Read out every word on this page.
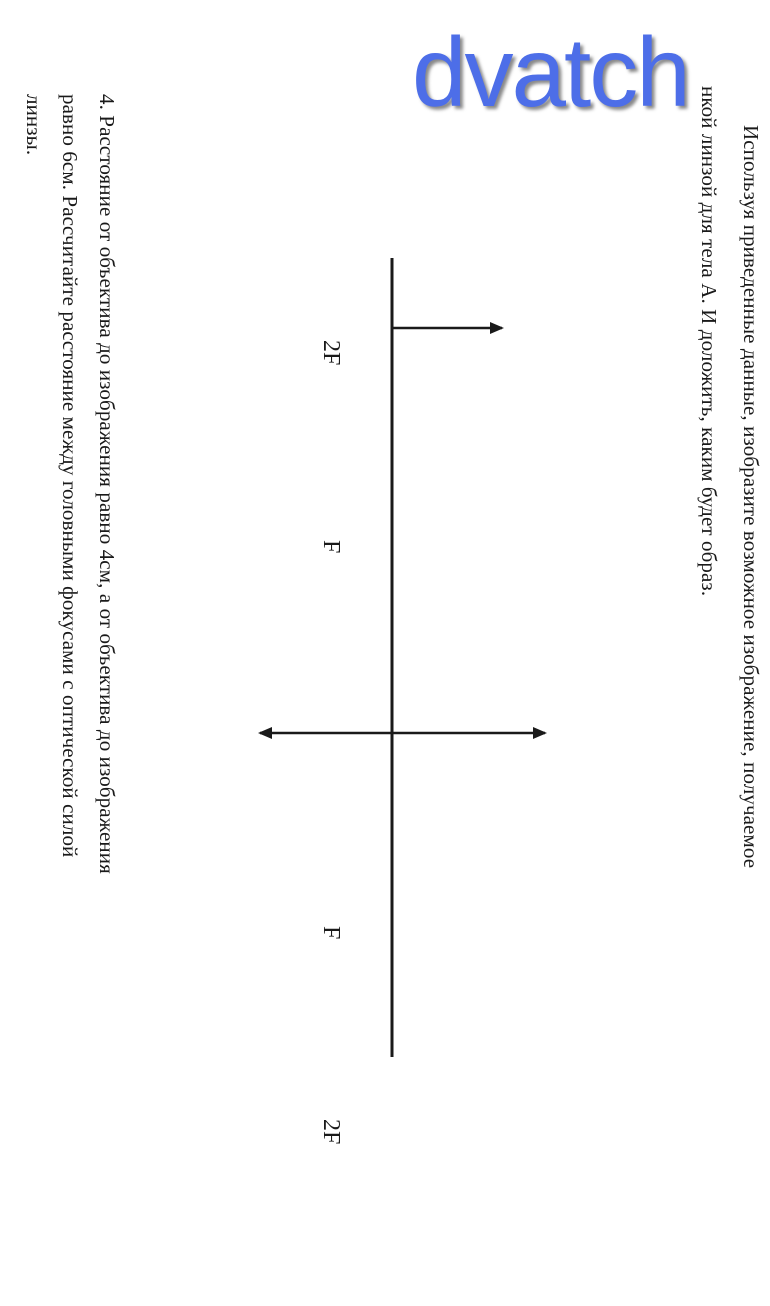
Используя приведенные данные, изобразите возможное изображение, получаемое
нкой линзой для тела А. И доложить, каким будет образ.
2F
F
F
2F
4. Расстояние от объектива до изображения равно 4см, а от объектива до изображения
равно 6см. Рассчитайте расстояние между головными фокусами с оптической силой
линзы.	dvatch
